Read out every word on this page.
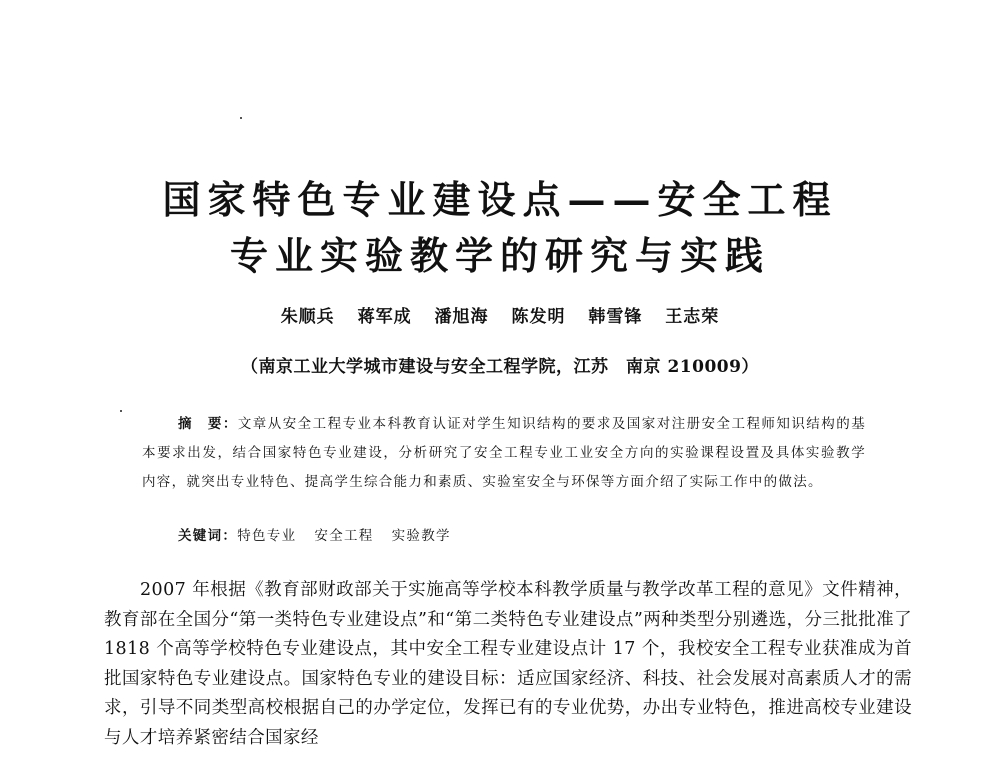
国家特色专业建设点——安全工程
专业实验教学的研究与实践
朱顺兵 蒋军成 潘旭海 陈发明 韩雪锋 王志荣
（南京工业大学城市建设与安全工程学院，江苏　南京 210009）

摘　要：文章从安全工程专业本科教育认证对学生知识结构的要求及国家对注册安全工程师知识结构的基本要求出发，结合国家特色专业建设，分析研究了安全工程专业工业安全方向的实验课程设置及具体实验教学内容，就突出专业特色、提高学生综合能力和素质、实验室安全与环保等方面介绍了实际工作中的做法。

关键词：特色专业 安全工程 实验教学

2007 年根据《教育部财政部关于实施高等学校本科教学质量与教学改革工程的意见》文件精神，教育部在全国分“第一类特色专业建设点”和“第二类特色专业建设点”两种类型分别遴选，分三批批准了 1818 个高等学校特色专业建设点，其中安全工程专业建设点计 17 个，我校安全工程专业获准成为首批国家特色专业建设点。国家特色专业的建设目标：适应国家经济、科技、社会发展对高素质人才的需求，引导不同类型高校根据自己的办学定位，发挥已有的专业优势，办出专业特色，推进高校专业建设与人才培养紧密结合国家经
